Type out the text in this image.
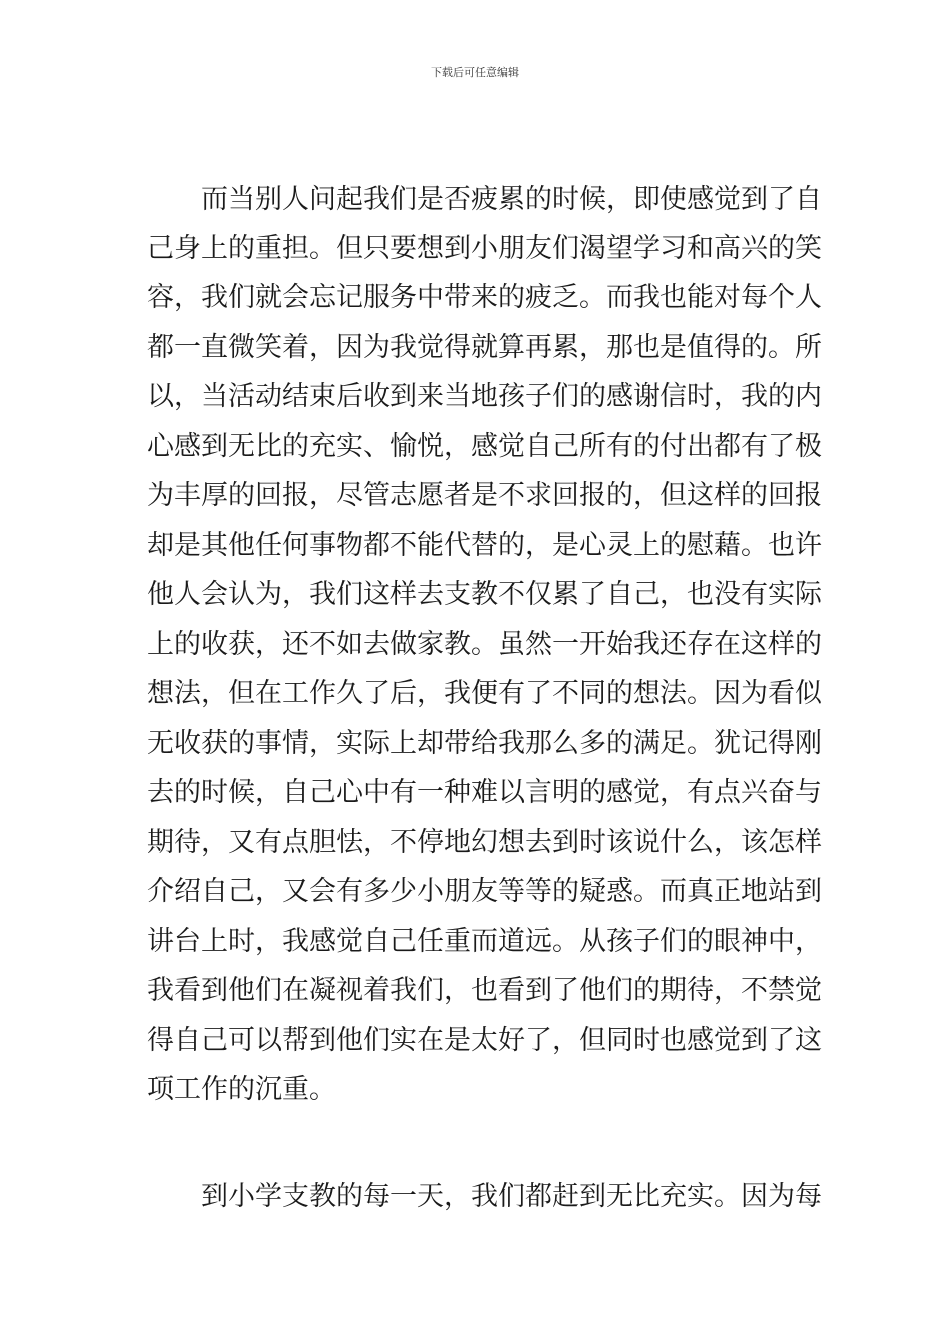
下载后可任意编辑
而当别人问起我们是否疲累的时候，即使感觉到了自
己身上的重担。但只要想到小朋友们渴望学习和高兴的笑
容，我们就会忘记服务中带来的疲乏。而我也能对每个人
都一直微笑着，因为我觉得就算再累，那也是值得的。所
以，当活动结束后收到来当地孩子们的感谢信时，我的内
心感到无比的充实、愉悦，感觉自己所有的付出都有了极
为丰厚的回报，尽管志愿者是不求回报的，但这样的回报
却是其他任何事物都不能代替的，是心灵上的慰藉。也许
他人会认为，我们这样去支教不仅累了自己，也没有实际
上的收获，还不如去做家教。虽然一开始我还存在这样的
想法，但在工作久了后，我便有了不同的想法。因为看似
无收获的事情，实际上却带给我那么多的满足。犹记得刚
去的时候，自己心中有一种难以言明的感觉，有点兴奋与
期待，又有点胆怯，不停地幻想去到时该说什么，该怎样
介绍自己，又会有多少小朋友等等的疑惑。而真正地站到
讲台上时，我感觉自己任重而道远。从孩子们的眼神中，
我看到他们在凝视着我们，也看到了他们的期待，不禁觉
得自己可以帮到他们实在是太好了，但同时也感觉到了这
项工作的沉重。
到小学支教的每一天，我们都赶到无比充实。因为每
